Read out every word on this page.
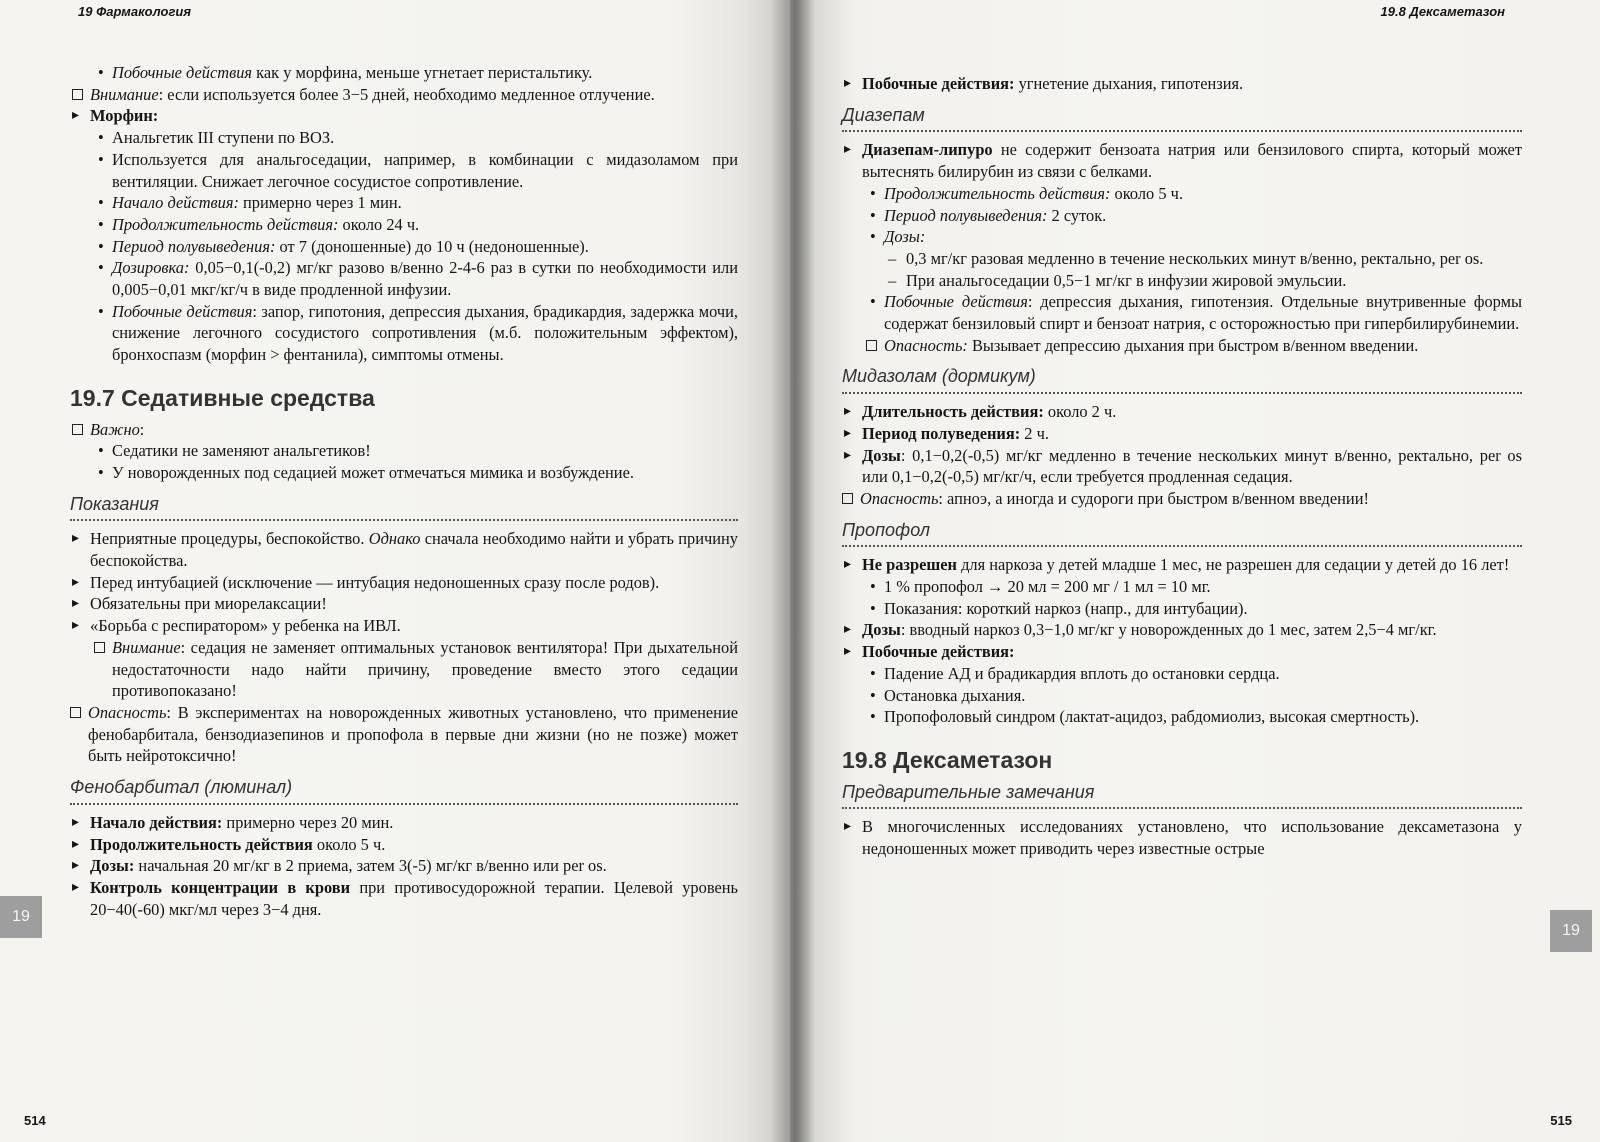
19 Фармакология

• Побочные действия как у морфина, меньше угнетает перистальтику.

Внимание: если используется более 3−5 дней, необходимо медленное отлучение.

▸ Морфин:

• Анальгетик III ступени по ВОЗ.

• Используется для анальгоседации, например, в комбинации с мидазоламом при вентиляции. Снижает легочное сосудистое сопротивление.

• Начало действия: примерно через 1 мин.

• Продолжительность действия: около 24 ч.

• Период полувыведения: от 7 (доношенные) до 10 ч (недоношенные).

• Дозировка: 0,05−0,1(-0,2) мг/кг разово в/венно 2-4-6 раз в сутки по необходимости или 0,005−0,01 мкг/кг/ч в виде продленной инфузии.

• Побочные действия: запор, гипотония, депрессия дыхания, брадикардия, задержка мочи, снижение легочного сосудистого сопротивления (м.б. положительным эффектом), бронхоспазм (морфин > фентанила), симптомы отмены.

19.7 Седативные средства

Важно:

• Седатики не заменяют анальгетиков!

• У новорожденных под седацией может отмечаться мимика и возбуждение.

Показания

▸ Неприятные процедуры, беспокойство. Однако сначала необходимо найти и убрать причину беспокойства.

▸ Перед интубацией (исключение — интубация недоношенных сразу после родов).

▸ Обязательны при миорелаксации!

▸ «Борьба с респиратором» у ребенка на ИВЛ.

Внимание: седация не заменяет оптимальных установок вентилятора! При дыхательной недостаточности надо найти причину, проведение вместо этого седации противопоказано!

Опасность: В экспериментах на новорожденных животных установлено, что применение фенобарбитала, бензодиазепинов и пропофола в первые дни жизни (но не позже) может быть нейротоксично!

Фенобарбитал (люминал)

▸ Начало действия: примерно через 20 мин.

▸ Продолжительность действия около 5 ч.

▸ Дозы: начальная 20 мг/кг в 2 приема, затем 3(-5) мг/кг в/венно или per os.

▸ Контроль концентрации в крови при противосудорожной терапии. Целевой уровень 20−40(-60) мкг/мл через 3−4 дня.

19
514
19.8 Дексаметазон

▸ Побочные действия: угнетение дыхания, гипотензия.

Диазепам

▸ Диазепам-липуро не содержит бензоата натрия или бензилового спирта, который может вытеснять билирубин из связи с белками.

• Продолжительность действия: около 5 ч.

• Период полувыведения: 2 суток.

• Дозы:

– 0,3 мг/кг разовая медленно в течение нескольких минут в/венно, ректально, per os.

– При анальгоседации 0,5−1 мг/кг в инфузии жировой эмульсии.

• Побочные действия: депрессия дыхания, гипотензия. Отдельные внутривенные формы содержат бензиловый спирт и бензоат натрия, с осторожностью при гипербилирубинемии.

Опасность: Вызывает депрессию дыхания при быстром в/венном введении.

Мидазолам (дормикум)

▸ Длительность действия: около 2 ч.

▸ Период полуведения: 2 ч.

▸ Дозы: 0,1−0,2(-0,5) мг/кг медленно в течение нескольких минут в/венно, ректально, per os или 0,1−0,2(-0,5) мг/кг/ч, если требуется продленная седация.

Опасность: апноэ, а иногда и судороги при быстром в/венном введении!

Пропофол

▸ Не разрешен для наркоза у детей младше 1 мес, не разрешен для седации у детей до 16 лет!

• 1 % пропофол → 20 мл = 200 мг / 1 мл = 10 мг.

• Показания: короткий наркоз (напр., для интубации).

▸ Дозы: вводный наркоз 0,3−1,0 мг/кг у новорожденных до 1 мес, затем 2,5−4 мг/кг.

▸ Побочные действия:

• Падение АД и брадикардия вплоть до остановки сердца.

• Остановка дыхания.

• Пропофоловый синдром (лактат-ацидоз, рабдомиолиз, высокая смертность).

19.8 Дексаметазон
Предварительные замечания

▸ В многочисленных исследованиях установлено, что использование дексаметазона у недоношенных может приводить через известные острые

19
515
